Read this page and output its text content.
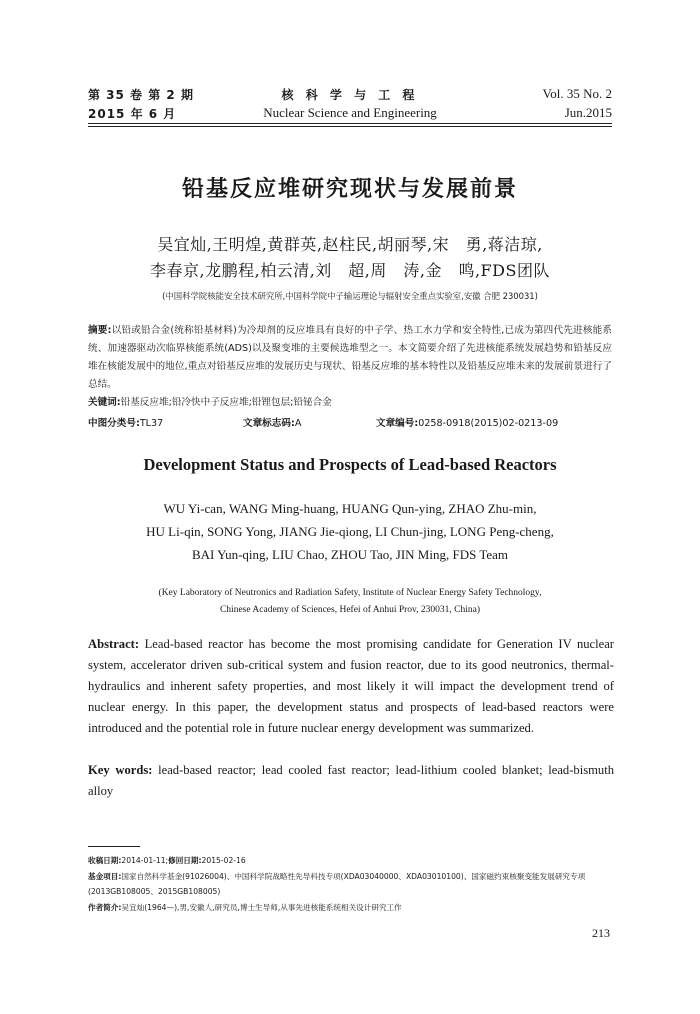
第 35 卷 第 2 期
2015 年 6 月
核 科 学 与 工 程
Nuclear Science and Engineering
Vol. 35 No. 2
Jun.2015
铅基反应堆研究现状与发展前景
吴宜灿,王明煌,黄群英,赵柱民,胡丽琴,宋　勇,蒋洁琼,
李春京,龙鹏程,柏云清,刘　超,周　涛,金　鸣,FDS团队
(中国科学院核能安全技术研究所,中国科学院中子输运理论与辐射安全重点实验室,安徽 合肥 230031)

摘要:以铅或铅合金(统称铅基材料)为冷却剂的反应堆具有良好的中子学、热工水力学和安全特性,已成为第四代先进核能系统、加速器驱动次临界核能系统(ADS)以及聚变堆的主要候选堆型之一。本文简要介绍了先进核能系统发展趋势和铅基反应堆在核能发展中的地位,重点对铅基反应堆的发展历史与现状、铅基反应堆的基本特性以及铅基反应堆未来的发展前景进行了总结。

关键词:铅基反应堆;铅冷快中子反应堆;铅锂包层;铅铋合金

中图分类号:TL37	文章标志码:A	文章编号:0258-0918(2015)02-0213-09
Development Status and Prospects of Lead-based Reactors
WU Yi-can, WANG Ming-huang, HUANG Qun-ying, ZHAO Zhu-min,
HU Li-qin, SONG Yong, JIANG Jie-qiong, LI Chun-jing, LONG Peng-cheng,
BAI Yun-qing, LIU Chao, ZHOU Tao, JIN Ming, FDS Team
(Key Laboratory of Neutronics and Radiation Safety, Institute of Nuclear Energy Safety Technology,
Chinese Academy of Sciences, Hefei of Anhui Prov, 230031, China)

Abstract: Lead-based reactor has become the most promising candidate for Generation IV nuclear system, accelerator driven sub-critical system and fusion reactor, due to its good neutronics, thermal-hydraulics and inherent safety properties, and most likely it will impact the development trend of nuclear energy. In this paper, the development status and prospects of lead-based reactors were introduced and the potential role in future nuclear energy development was summarized.

Key words: lead-based reactor; lead cooled fast reactor; lead-lithium cooled blanket; lead-bismuth alloy

收稿日期:2014-01-11;修回日期:2015-02-16

基金项目:国家自然科学基金(91026004)、中国科学院战略性先导科技专项(XDA03040000、XDA03010100)、国家磁约束核聚变能发展研究专项(2013GB108005、2015GB108005)

作者简介:吴宜灿(1964—),男,安徽人,研究员,博士生导师,从事先进核能系统相关设计研究工作

213
